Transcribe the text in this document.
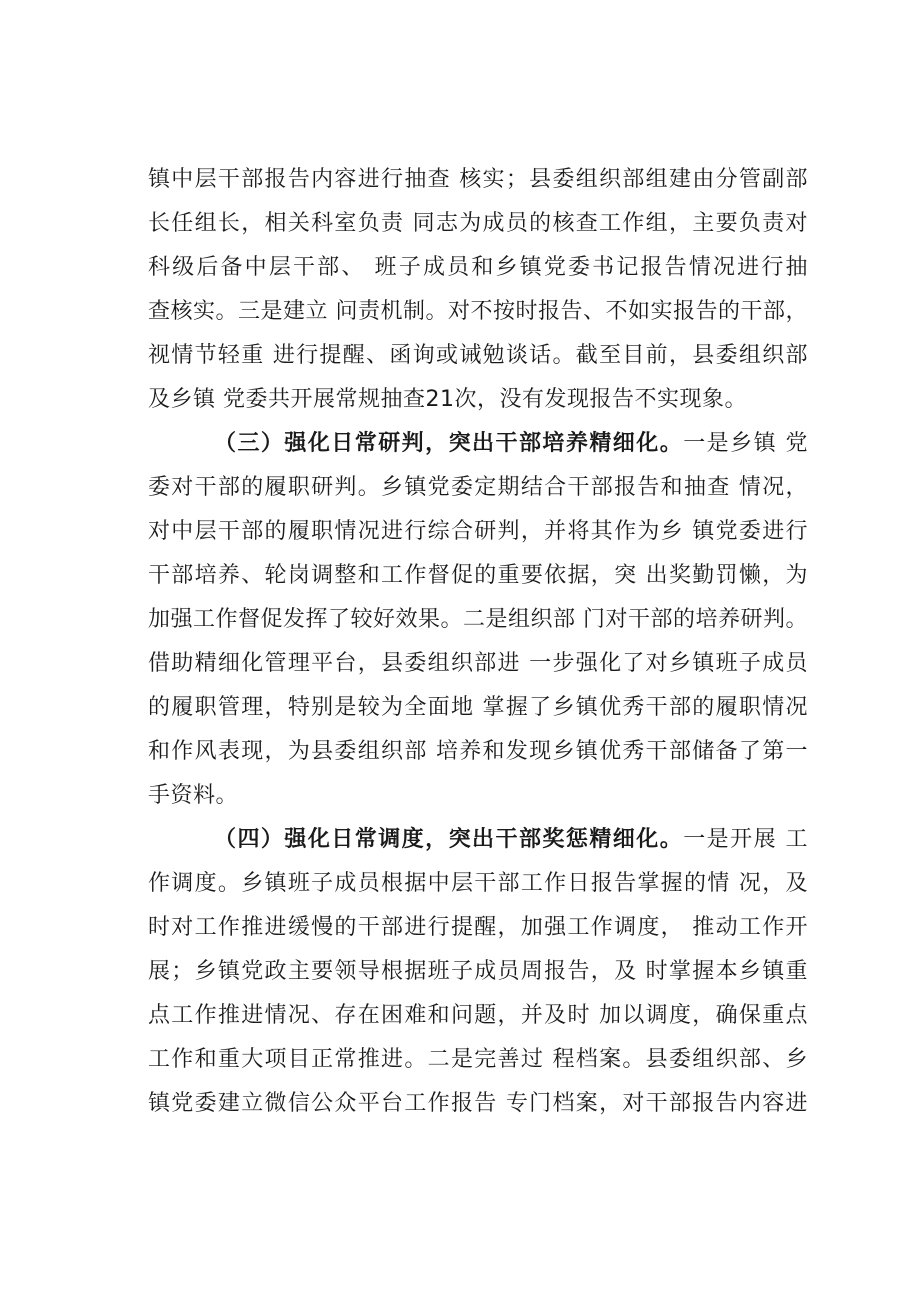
镇中层干部报告内容进行抽查 核实；县委组织部组建由分管副部
长任组长，相关科室负责 同志为成员的核查工作组，主要负责对
科级后备中层干部、 班子成员和乡镇党委书记报告情况进行抽
查核实。三是建立 问责机制。对不按时报告、不如实报告的干部，
视情节轻重 进行提醒、函询或诫勉谈话。截至目前，县委组织部
及乡镇 党委共开展常规抽查21次，没有发现报告不实现象。
（三）强化日常研判，突出干部培养精细化。一是乡镇 党
委对干部的履职研判。乡镇党委定期结合干部报告和抽查 情况，
对中层干部的履职情况进行综合研判，并将其作为乡 镇党委进行
干部培养、轮岗调整和工作督促的重要依据，突 出奖勤罚懒，为
加强工作督促发挥了较好效果。二是组织部 门对干部的培养研判。
借助精细化管理平台，县委组织部进 一步强化了对乡镇班子成员
的履职管理，特别是较为全面地 掌握了乡镇优秀干部的履职情况
和作风表现，为县委组织部 培养和发现乡镇优秀干部储备了第一
手资料。
（四）强化日常调度，突出干部奖惩精细化。一是开展 工
作调度。乡镇班子成员根据中层干部工作日报告掌握的情 况，及
时对工作推进缓慢的干部进行提醒，加强工作调度， 推动工作开
展；乡镇党政主要领导根据班子成员周报告，及 时掌握本乡镇重
点工作推进情况、存在困难和问题，并及时 加以调度，确保重点
工作和重大项目正常推进。二是完善过 程档案。县委组织部、乡
镇党委建立微信公众平台工作报告 专门档案，对干部报告内容进
